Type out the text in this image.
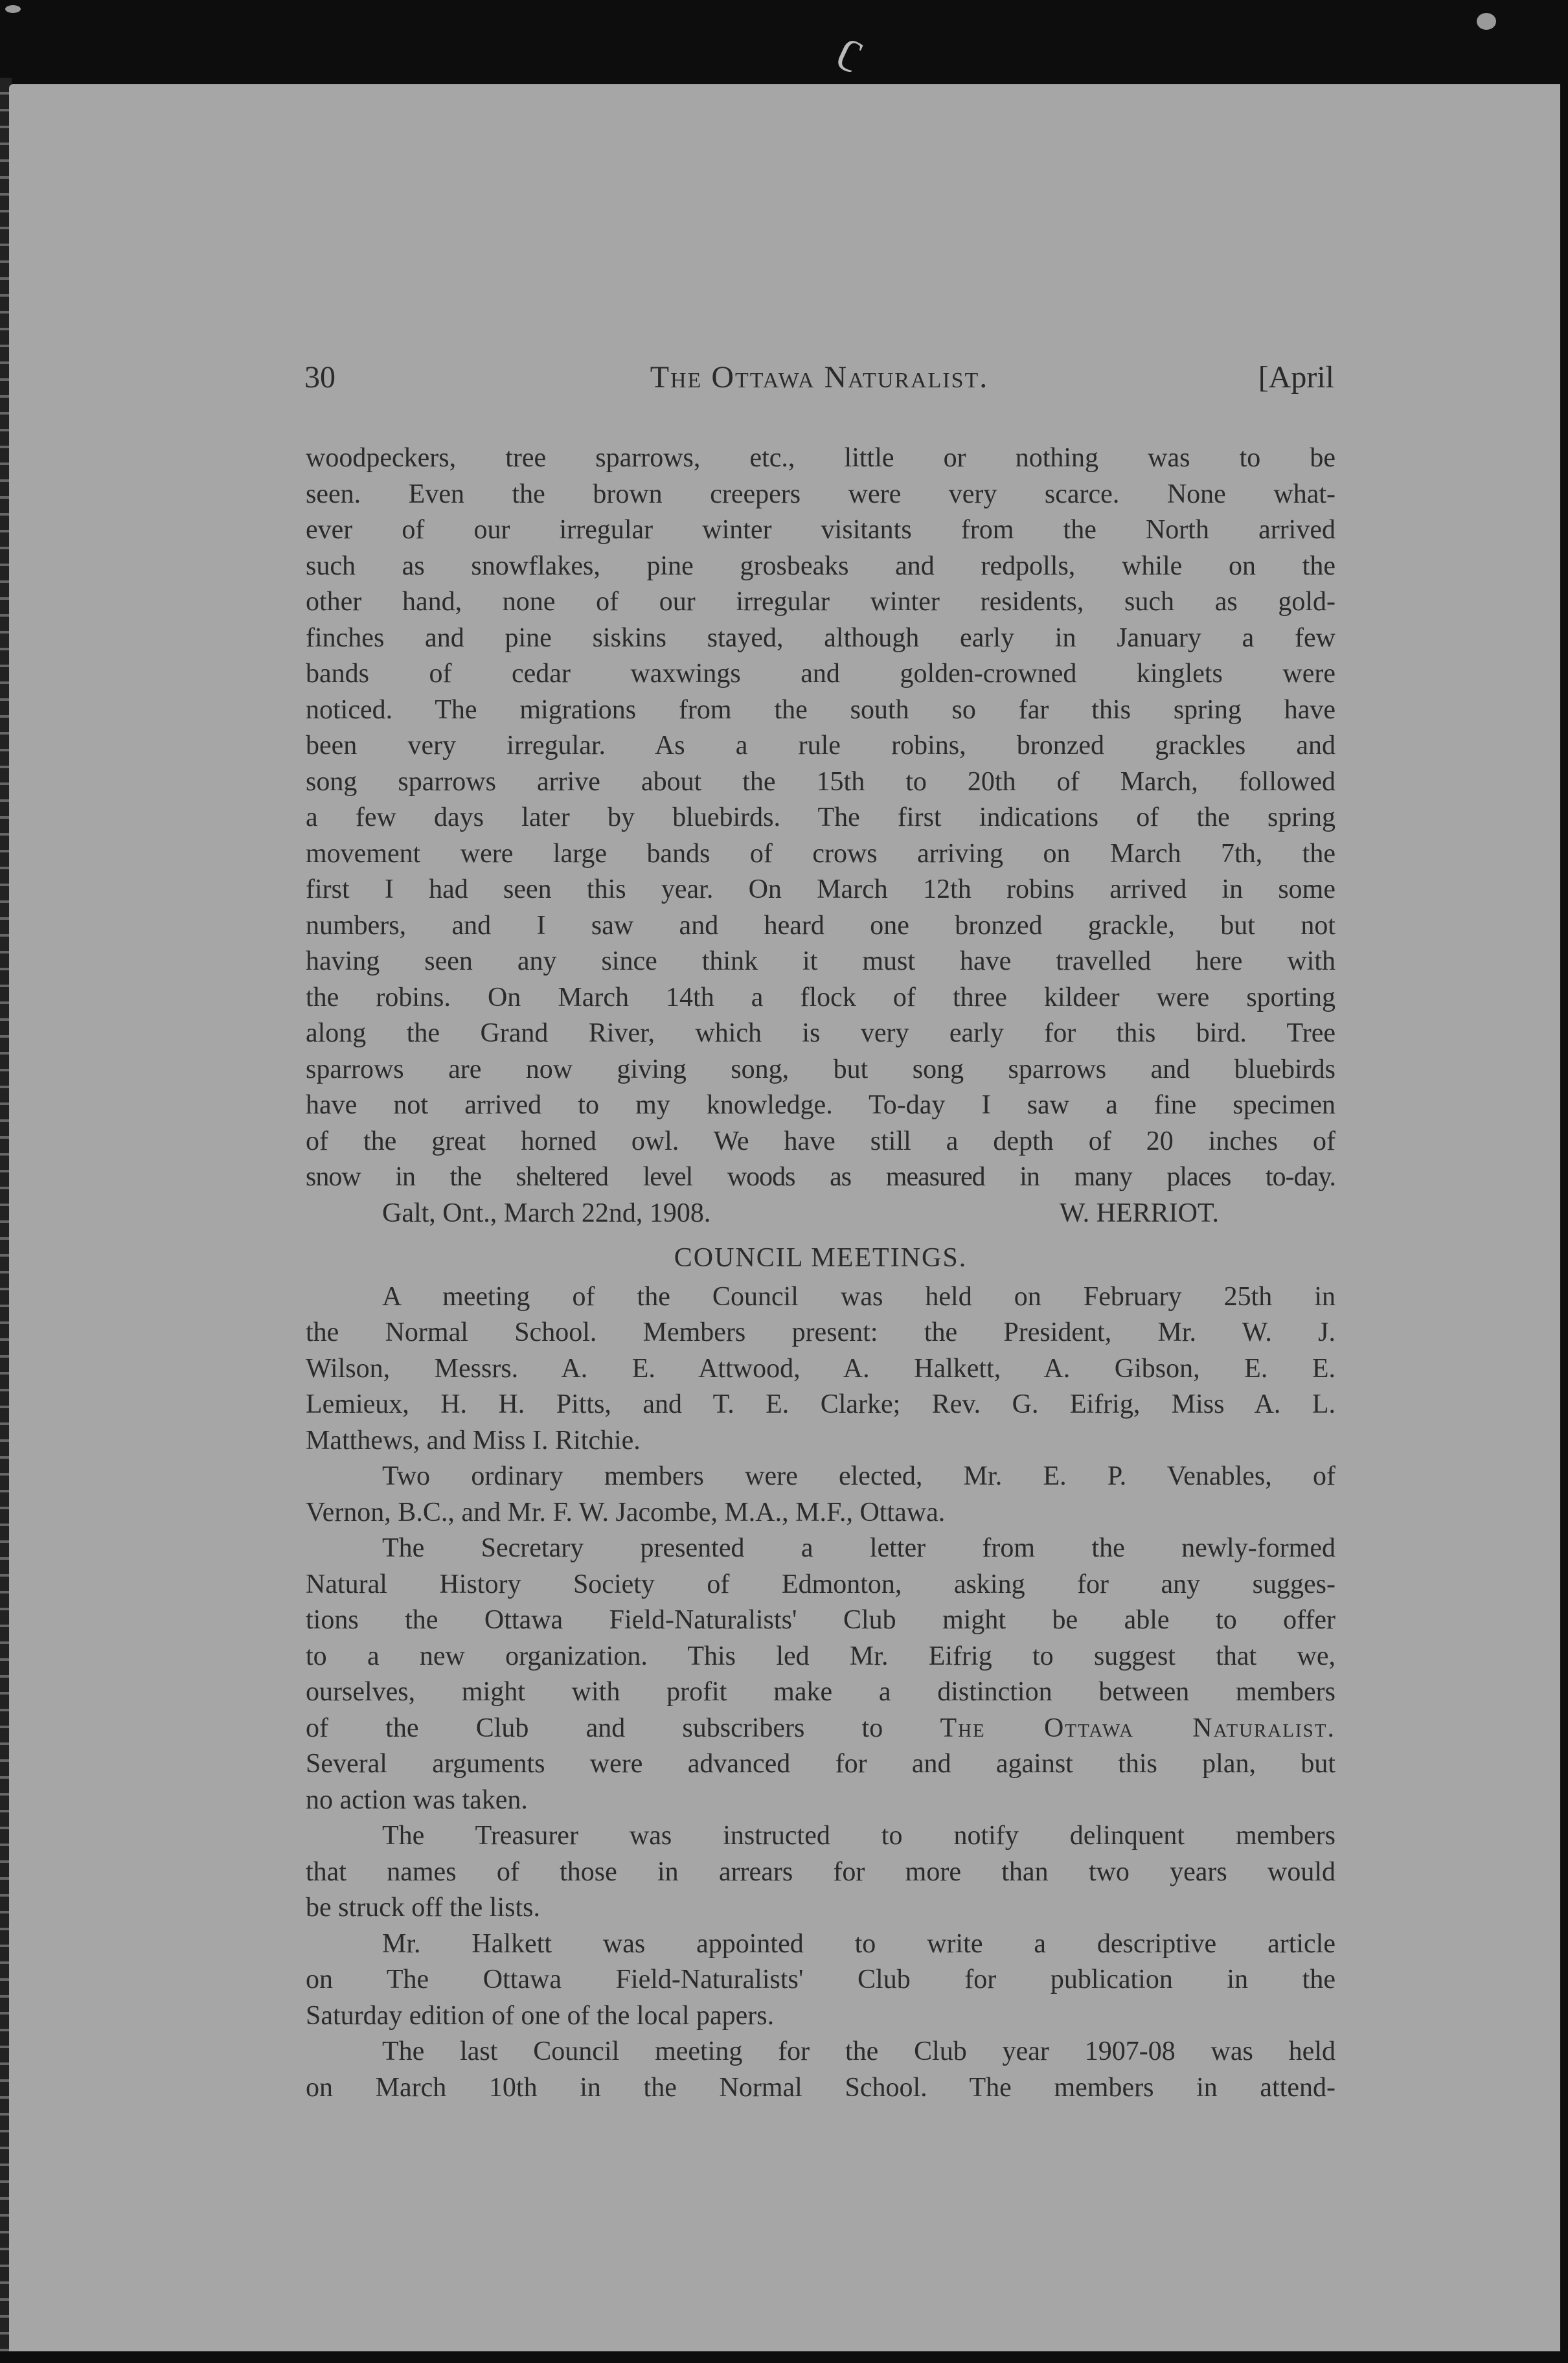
ʗ
30	The Ottawa Naturalist.	[April
woodpeckers, tree sparrows, etc., little or nothing was to be
seen. Even the brown creepers were very scarce. None what-
ever of our irregular winter visitants from the North arrived
such as snowflakes, pine grosbeaks and redpolls, while on the
other hand, none of our irregular winter residents, such as gold-
finches and pine siskins stayed, although early in January a few
bands of cedar waxwings and golden-crowned kinglets were
noticed. The migrations from the south so far this spring have
been very irregular. As a rule robins, bronzed grackles and
song sparrows arrive about the 15th to 20th of March, followed
a few days later by bluebirds. The first indications of the spring
movement were large bands of crows arriving on March 7th, the
first I had seen this year. On March 12th robins arrived in some
numbers, and I saw and heard one bronzed grackle, but not
having seen any since think it must have travelled here with
the robins. On March 14th a flock of three kildeer were sporting
along the Grand River, which is very early for this bird. Tree
sparrows are now giving song, but song sparrows and bluebirds
have not arrived to my knowledge. To-day I saw a fine specimen
of the great horned owl. We have still a depth of 20 inches of
snow in the sheltered level woods as measured in many places to-day.
Galt, Ont., March 22nd, 1908.	W. HERRIOT.
COUNCIL MEETINGS.
A meeting of the Council was held on February 25th in
the Normal School. Members present: the President, Mr. W. J.
Wilson, Messrs. A. E. Attwood, A. Halkett, A. Gibson, E. E.
Lemieux, H. H. Pitts, and T. E. Clarke; Rev. G. Eifrig, Miss A. L.
Matthews, and Miss I. Ritchie.
Two ordinary members were elected, Mr. E. P. Venables, of
Vernon, B.C., and Mr. F. W. Jacombe, M.A., M.F., Ottawa.
The Secretary presented a letter from the newly-formed
Natural History Society of Edmonton, asking for any sugges-
tions the Ottawa Field-Naturalists' Club might be able to offer
to a new organization. This led Mr. Eifrig to suggest that we,
ourselves, might with profit make a distinction between members
of the Club and subscribers to The Ottawa Naturalist.
Several arguments were advanced for and against this plan, but
no action was taken.
The Treasurer was instructed to notify delinquent members
that names of those in arrears for more than two years would
be struck off the lists.
Mr. Halkett was appointed to write a descriptive article
on The Ottawa Field-Naturalists' Club for publication in the
Saturday edition of one of the local papers.
The last Council meeting for the Club year 1907-08 was held
on March 10th in the Normal School. The members in attend-
